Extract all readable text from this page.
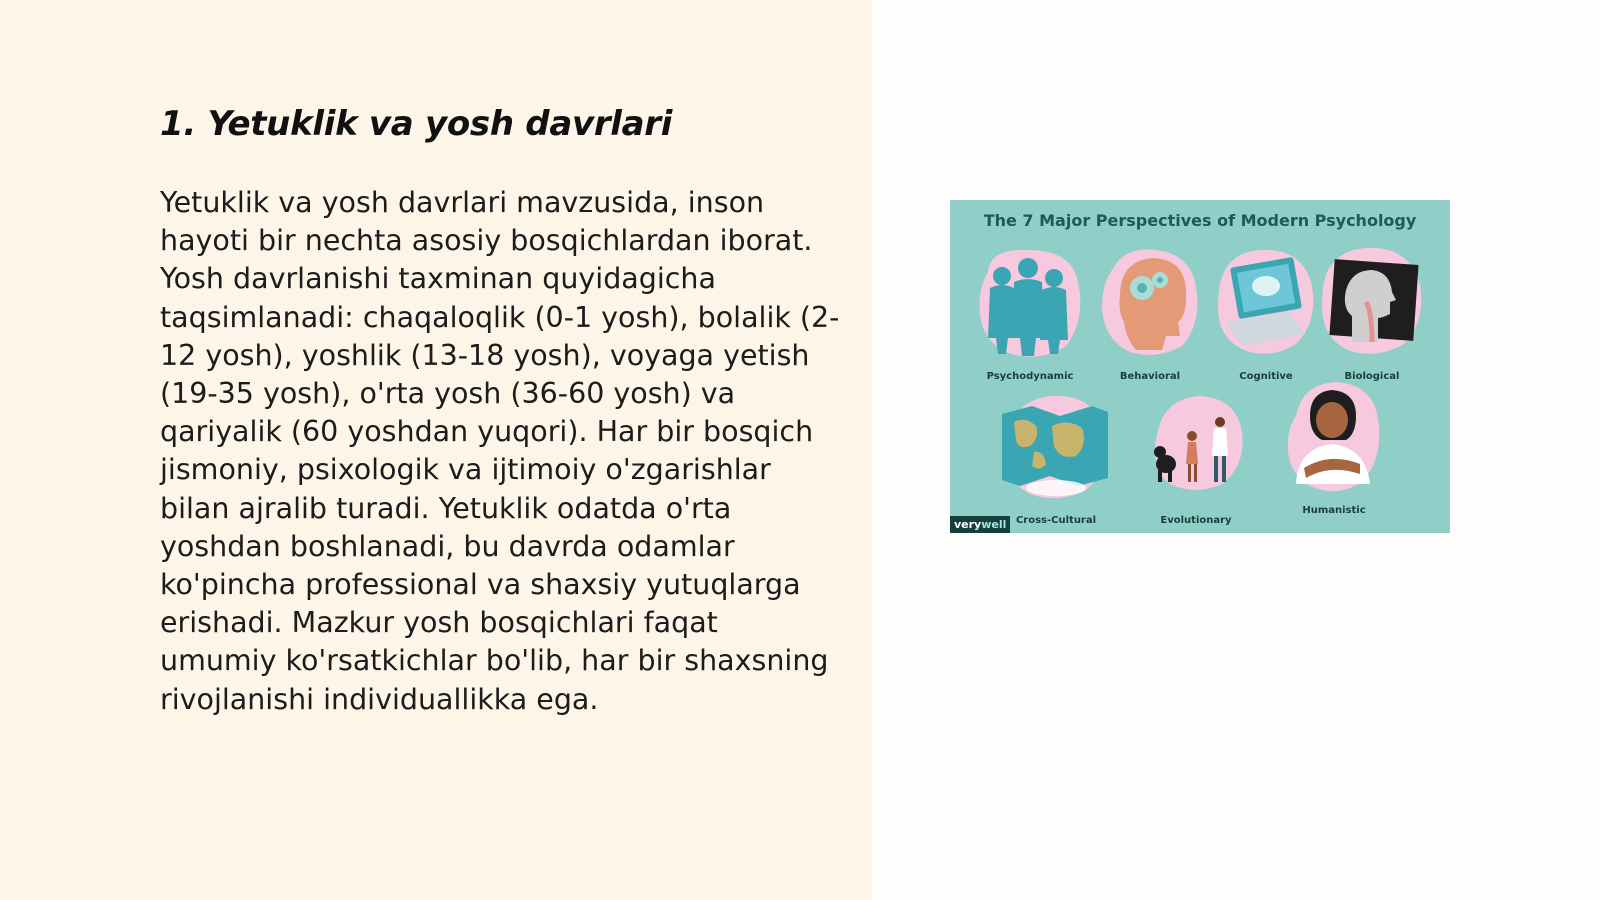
1. Yetuklik va yosh davrlari

Yetuklik va yosh davrlari mavzusida, inson hayoti bir nechta asosiy bosqichlardan iborat. Yosh davrlanishi taxminan quyidagicha taqsimlanadi: chaqaloqlik (0-1 yosh), bolalik (2-12 yosh), yoshlik (13-18 yosh), voyaga yetish (19-35 yosh), o'rta yosh (36-60 yosh) va qariyalik (60 yoshdan yuqori). Har bir bosqich jismoniy, psixologik va ijtimoiy o'zgarishlar bilan ajralib turadi. Yetuklik odatda o'rta yoshdan boshlanadi, bu davrda odamlar ko'pincha professional va shaxsiy yutuqlarga erishadi. Mazkur yosh bosqichlari faqat umumiy ko'rsatkichlar bo'lib, har bir shaxsning rivojlanishi individuallikka ega.

The 7 Major Perspectives of Modern Psychology

Psychodynamic	Behavioral	Cognitive	Biological
Cross-Cultural	Evolutionary
Humanistic
verywell
